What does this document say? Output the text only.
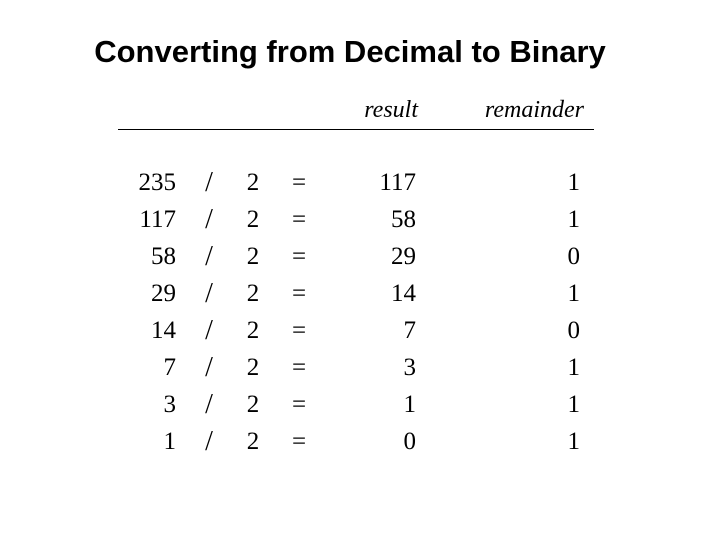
Converting from Decimal to Binary
result	remainder
235 / 2 =	117	1
117 / 2 =	58	1
58 / 2 =	29	0
29 / 2 =	14	1
14 / 2 =	7	0
7 / 2 =	3	1
3 / 2 =	1	1
1 / 2 =	0	1
